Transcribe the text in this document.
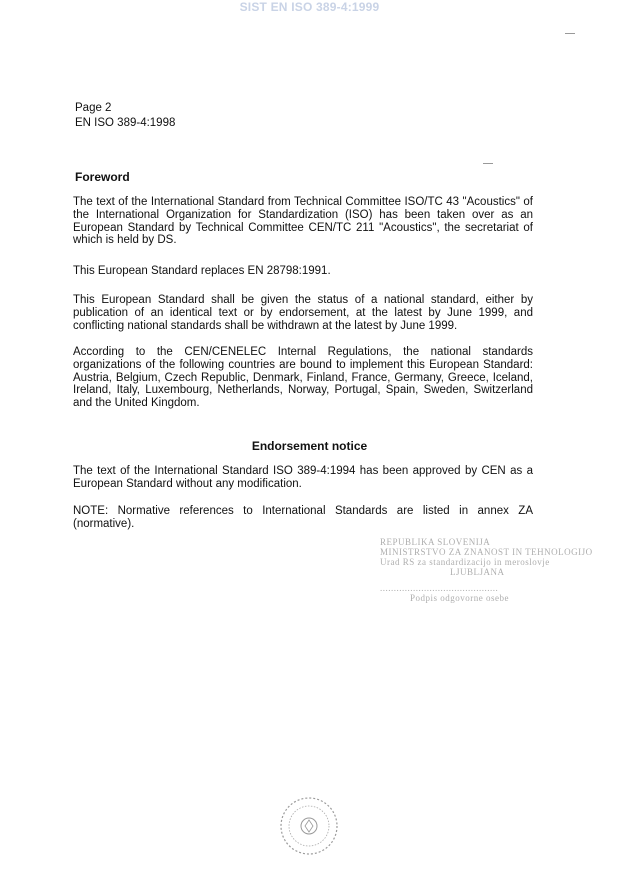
SIST EN ISO 389-4:1999
Page 2
EN ISO 389-4:1998
Foreword
The text of the International Standard from Technical Committee ISO/TC 43 "Acoustics" of the International Organization for Standardization (ISO) has been taken over as an European Standard by Technical Committee CEN/TC 211 "Acoustics", the secretariat of which is held by DS.
This European Standard replaces EN 28798:1991.
This European Standard shall be given the status of a national standard, either by publication of an identical text or by endorsement, at the latest by June 1999, and conflicting national standards shall be withdrawn at the latest by June 1999.
According to the CEN/CENELEC Internal Regulations, the national standards organizations of the following countries are bound to implement this European Standard: Austria, Belgium, Czech Republic, Denmark, Finland, France, Germany, Greece, Iceland, Ireland, Italy, Luxembourg, Netherlands, Norway, Portugal, Spain, Sweden, Switzerland and the United Kingdom.
Endorsement notice
The text of the International Standard ISO 389-4:1994 has been approved by CEN as a European Standard without any modification.
NOTE: Normative references to International Standards are listed in annex ZA (normative).
REPUBLIKA SLOVENIJA
MINISTRSTVO ZA ZNANOST IN TEHNOLOGIJO
Urad RS za standardizacijo in meroslovje
LJUBLJANA
...........................................
Podpis odgovorne osebe
